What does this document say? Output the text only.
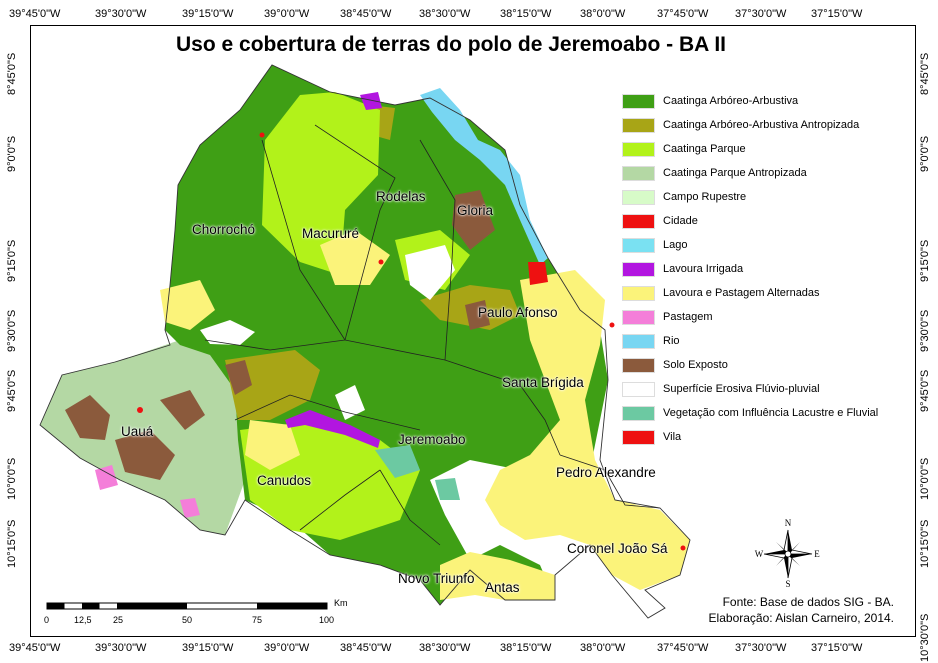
39°45'0"W	39°30'0"W	39°15'0"W	39°0'0"W	38°45'0"W	38°30'0"W	38°15'0"W	38°0'0"W	37°45'0"W 37°30'0"W 37°15'0"W
39°45'0"W	39°30'0"W	39°15'0"W	39°0'0"W	38°45'0"W	38°30'0"W	38°15'0"W	38°0'0"W	37°45'0"W 37°30'0"W 37°15'0"W
8°45'0"S
9°0'0"S
9°15'0"S
9°30'0"S
9°45'0"S
10°0'0"S
10°15'0"S
8°45'0"S
9°0'0"S
9°15'0"S
9°30'0"S
9°45'0"S
10°0'0"S
10°15'0"S
10°30'0"S
Uso e cobertura de terras do polo de Jeremoabo - BA II
Caatinga Arbóreo-Arbustiva
Caatinga Arbóreo-Arbustiva Antropizada
Caatinga Parque
Caatinga Parque Antropizada
Campo Rupestre
Cidade
Lago
Lavoura Irrigada
Lavoura e Pastagem Alternadas
Pastagem
Rio
Solo Exposto
Superfície Erosiva Flúvio-pluvial
Vegetação com Influência Lacustre e Fluvial
Vila
Chorrochó	Macururé
Rodelas
Gloria
Paulo Afonso
Santa Brígida
Uauá
Jeremoabo
Canudos
Pedro Alexandre
Coronel João Sá
Novo Triunfo
Antas
N
S
E
W
0	12,5 25	50	75	100
Km	Fonte: Base de dados SIG - BA.
Elaboração: Aislan Carneiro, 2014.
